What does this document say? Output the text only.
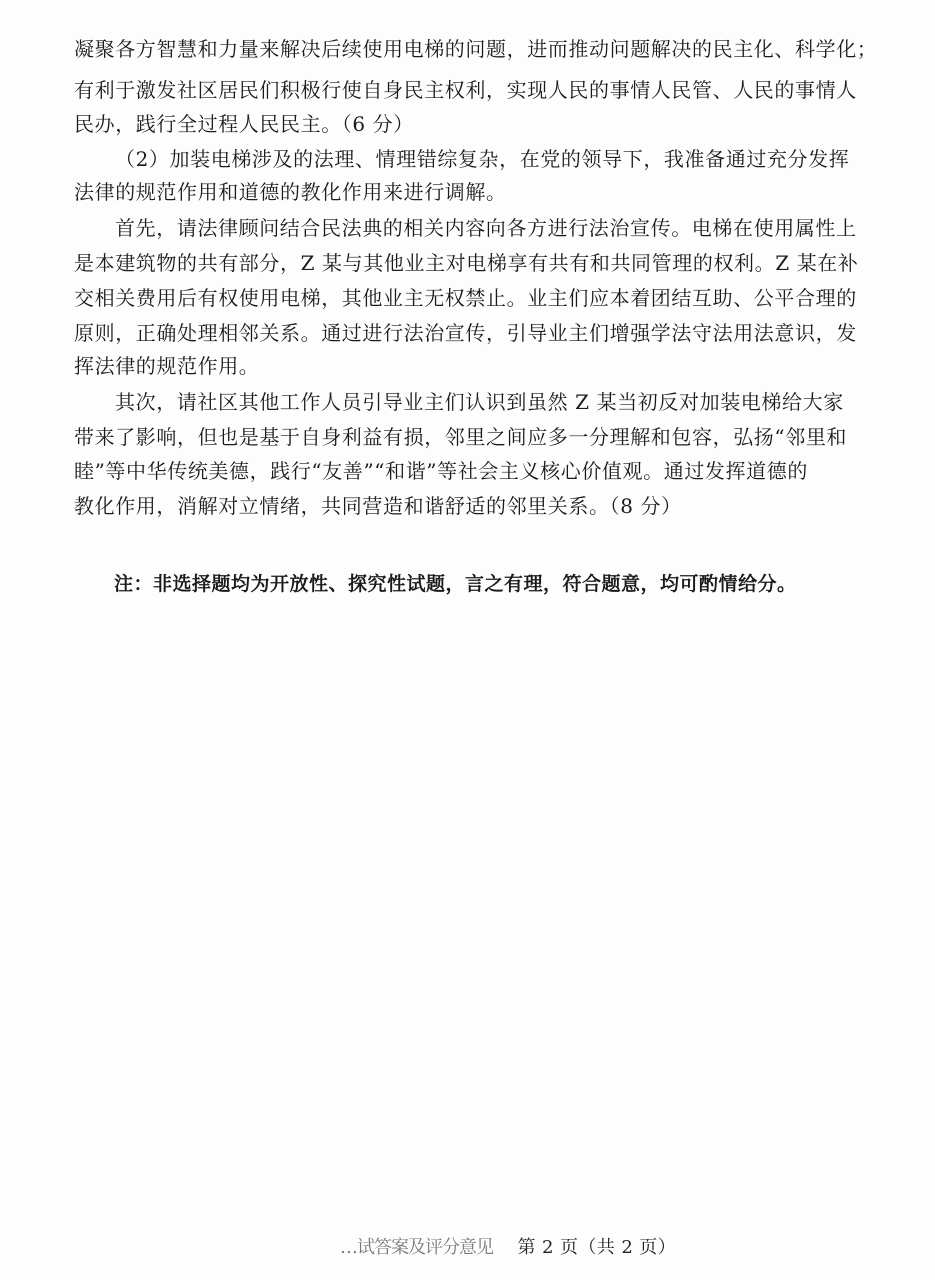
凝聚各方智慧和力量来解决后续使用电梯的问题，进而推动问题解决的民主化、科学化；
有利于激发社区居民们积极行使自身民主权利，实现人民的事情人民管、人民的事情人
民办，践行全过程人民民主。（6 分）
（2）加装电梯涉及的法理、情理错综复杂，在党的领导下，我准备通过充分发挥
法律的规范作用和道德的教化作用来进行调解。
首先，请法律顾问结合民法典的相关内容向各方进行法治宣传。电梯在使用属性上
是本建筑物的共有部分，Z 某与其他业主对电梯享有共有和共同管理的权利。Z 某在补
交相关费用后有权使用电梯，其他业主无权禁止。业主们应本着团结互助、公平合理的
原则，正确处理相邻关系。通过进行法治宣传，引导业主们增强学法守法用法意识，发
挥法律的规范作用。
其次，请社区其他工作人员引导业主们认识到虽然 Z 某当初反对加装电梯给大家
带来了影响，但也是基于自身利益有损，邻里之间应多一分理解和包容，弘扬“邻里和
睦”等中华传统美德，践行“友善”“和谐”等社会主义核心价值观。通过发挥道德的
教化作用，消解对立情绪，共同营造和谐舒适的邻里关系。（8 分）
注：非选择题均为开放性、探究性试题，言之有理，符合题意，均可酌情给分。
…试答案及评分意见 第 2 页（共 2 页）
